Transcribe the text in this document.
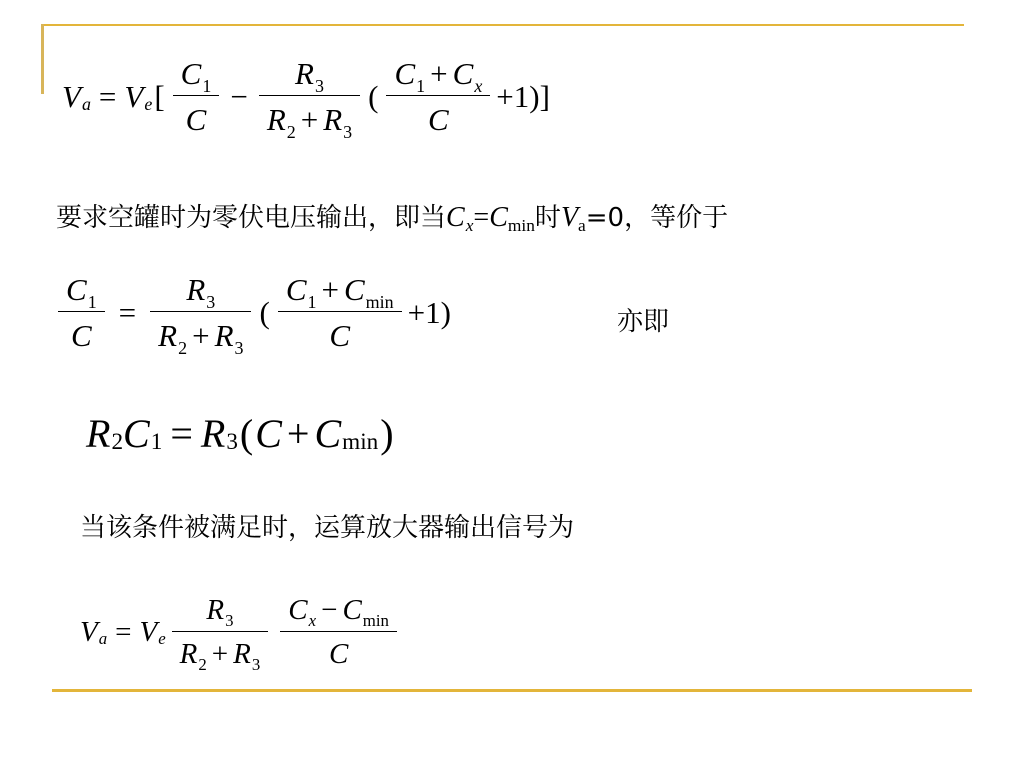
V a = V e [ $\frac{C 1}{C} - \frac{R 3}{R 2 + R 3}$ ( $\frac{\text{C 1 + C x}}{C} +1$ )]
要求空罐时为零伏电压输出，即当 Cx = Cmin 时 Va =0，等价于
$\frac{C 1}{C} = \frac{R 3}{R 2 + R 3}$ ( $\frac{\text{C 1 + C min}}{C} +1$ )	亦即
R 2 C 1 = R 3 ( C + C min )
当该条件被满足时，运算放大器输出信号为
V a = V e $\frac{R 3}{R 2 + R 3} \frac{\text{C x − C min}}{C}$
